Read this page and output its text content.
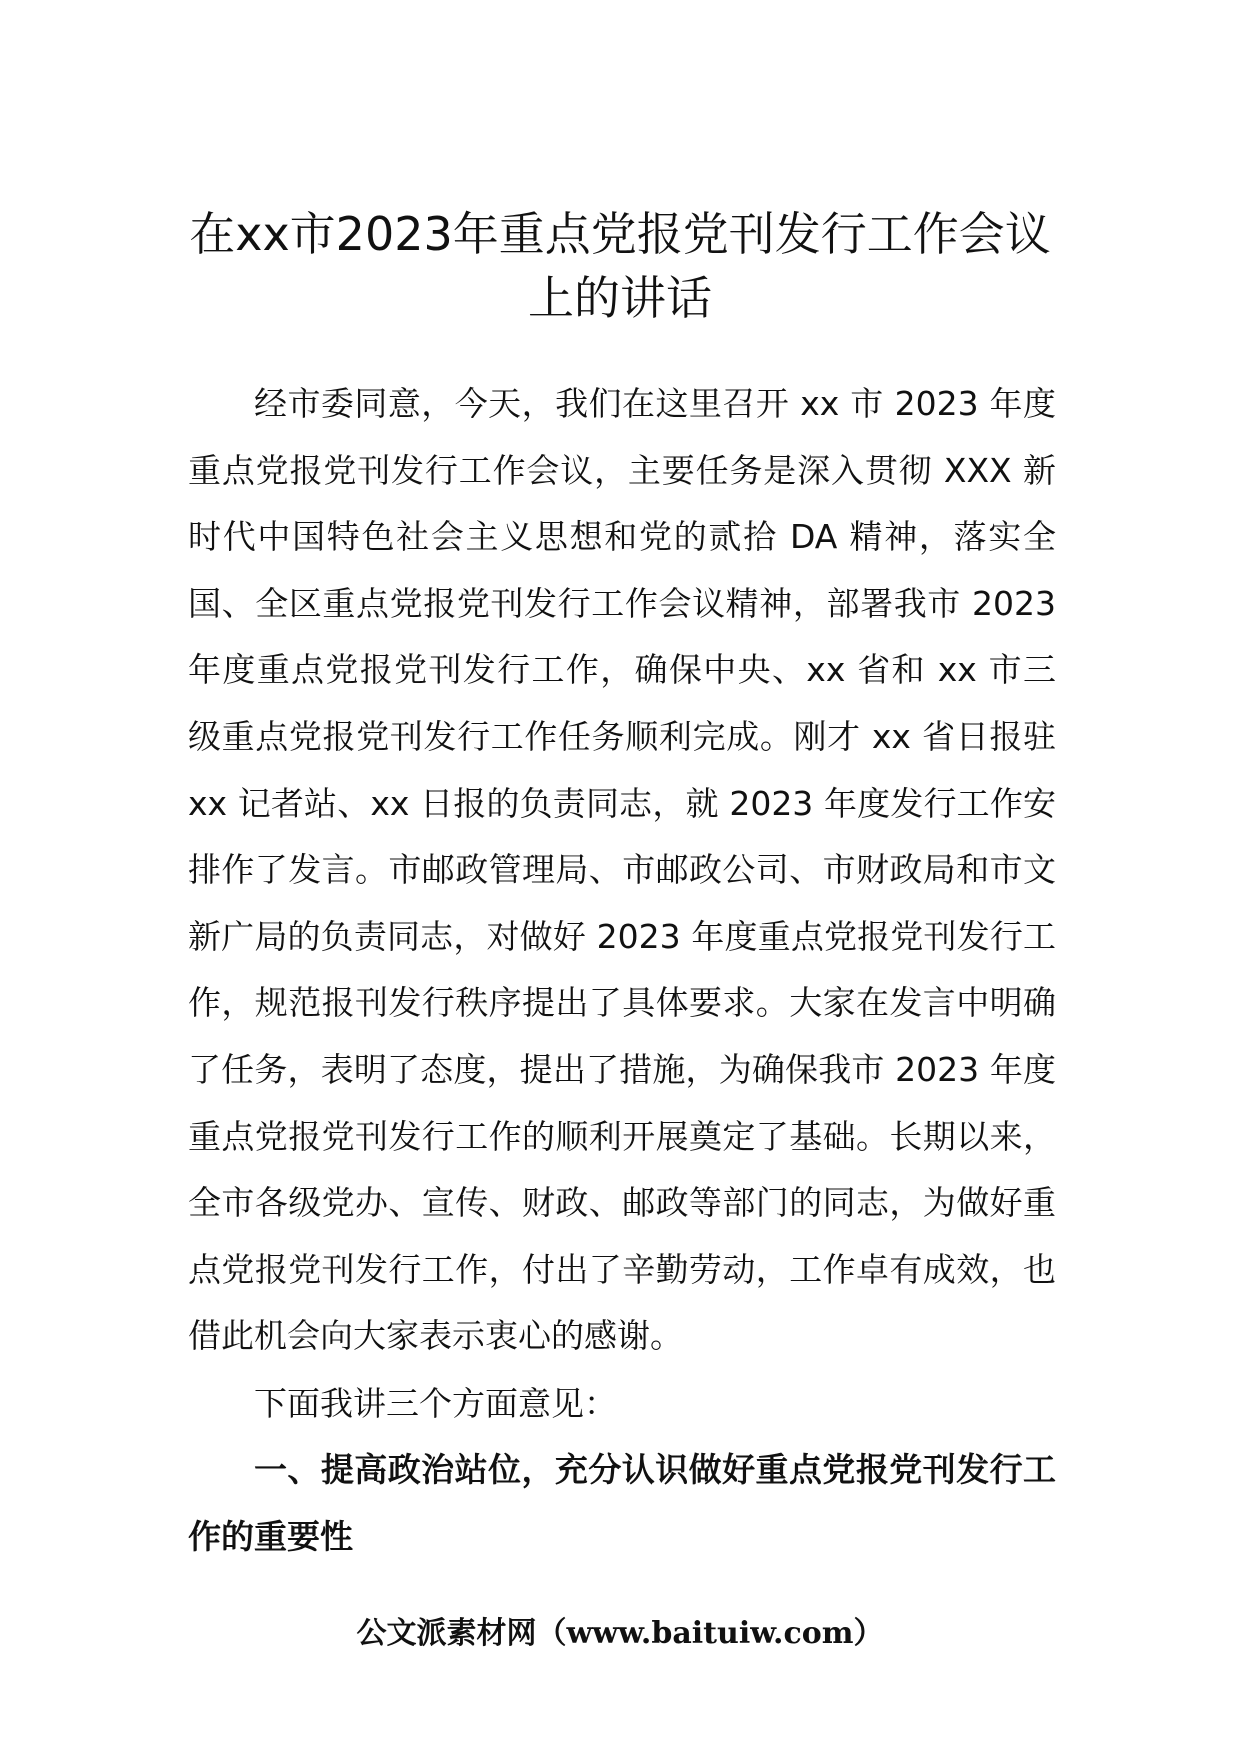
在xx市2023年重点党报党刊发行工作会议上的讲话

经市委同意，今天，我们在这里召开 xx 市 2023 年度重点党报党刊发行工作会议，主要任务是深入贯彻 XXX 新时代中国特色社会主义思想和党的贰拾 DA 精神，落实全国、全区重点党报党刊发行工作会议精神，部署我市 2023 年度重点党报党刊发行工作，确保中央、xx 省和 xx 市三级重点党报党刊发行工作任务顺利完成。刚才 xx 省日报驻 xx 记者站、xx 日报的负责同志，就 2023 年度发行工作安排作了发言。市邮政管理局、市邮政公司、市财政局和市文新广局的负责同志，对做好 2023 年度重点党报党刊发行工作，规范报刊发行秩序提出了具体要求。大家在发言中明确了任务，表明了态度，提出了措施，为确保我市 2023 年度重点党报党刊发行工作的顺利开展奠定了基础。长期以来，全市各级党办、宣传、财政、邮政等部门的同志，为做好重点党报党刊发行工作，付出了辛勤劳动，工作卓有成效，也借此机会向大家表示衷心的感谢。

下面我讲三个方面意见：

一、提高政治站位，充分认识做好重点党报党刊发行工作的重要性

公文派素材网（www.baituiw.com）
